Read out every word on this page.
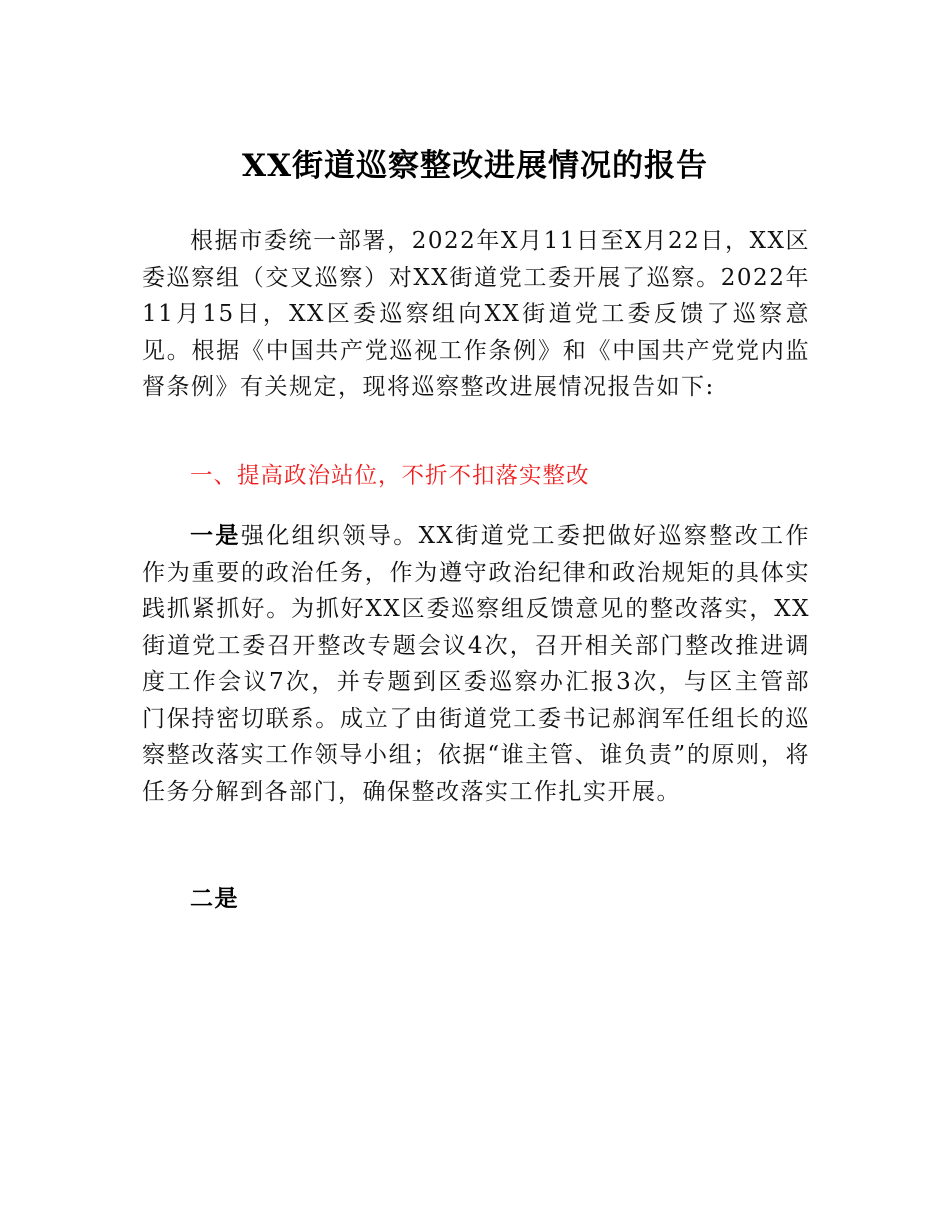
XX街道巡察整改进展情况的报告

根据市委统一部署，2022年X月11日至X月22日，XX区委巡察组（交叉巡察）对XX街道党工委开展了巡察。2022年11月15日，XX区委巡察组向XX街道党工委反馈了巡察意见。根据《中国共产党巡视工作条例》和《中国共产党党内监督条例》有关规定，现将巡察整改进展情况报告如下:

一、提高政治站位，不折不扣落实整改

一是强化组织领导。XX街道党工委把做好巡察整改工作作为重要的政治任务，作为遵守政治纪律和政治规矩的具体实践抓紧抓好。为抓好XX区委巡察组反馈意见的整改落实，XX街道党工委召开整改专题会议4次，召开相关部门整改推进调度工作会议7次，并专题到区委巡察办汇报3次，与区主管部门保持密切联系。成立了由街道党工委书记郝润军任组长的巡察整改落实工作领导小组；依据“谁主管、谁负责”的原则，将任务分解到各部门，确保整改落实工作扎实开展。

二是
